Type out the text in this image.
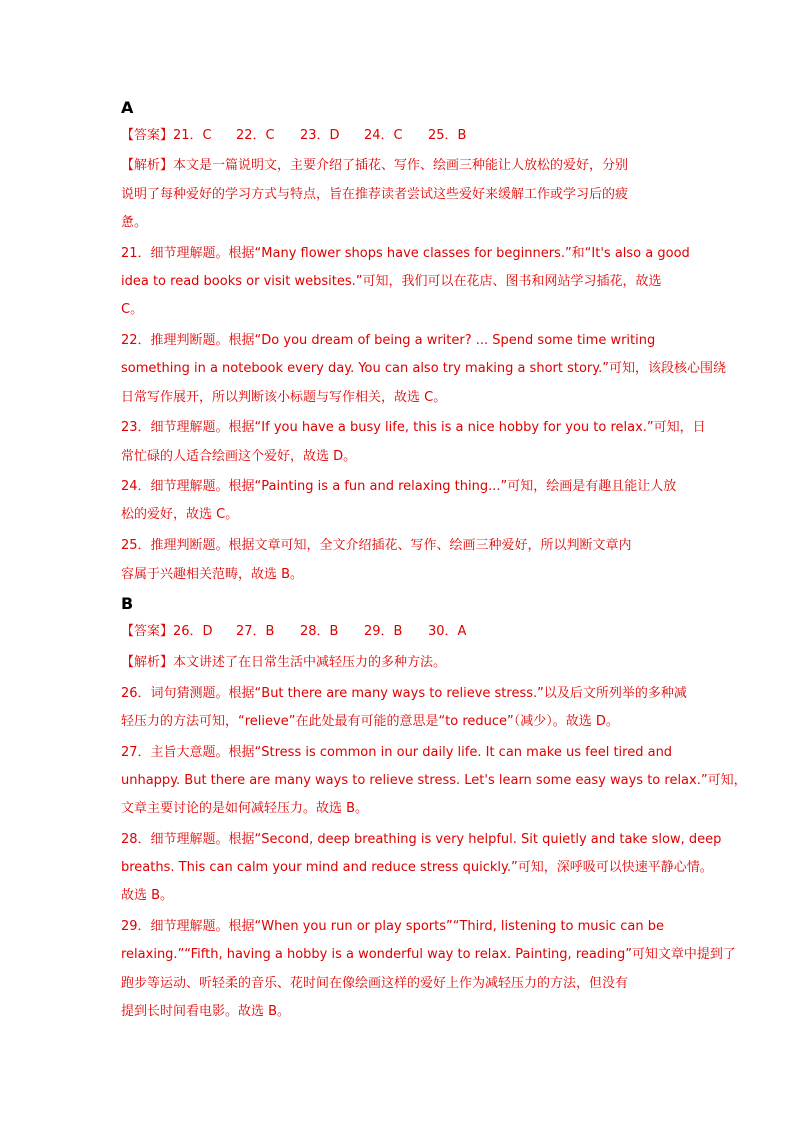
A
【答案】21．C 22．C 23．D 24．C 25．B
【解析】本文是一篇说明文，主要介绍了插花、写作、绘画三种能让人放松的爱好，分别
说明了每种爱好的学习方式与特点，旨在推荐读者尝试这些爱好来缓解工作或学习后的疲
惫。
21．细节理解题。根据“Many flower shops have classes for beginners.”和“It's also a good
idea to read books or visit websites.”可知，我们可以在花店、图书和网站学习插花，故选
C。
22．推理判断题。根据“Do you dream of being a writer? ... Spend some time writing
something in a notebook every day. You can also try making a short story.”可知，该段核心围绕
日常写作展开，所以判断该小标题与写作相关，故选 C。
23．细节理解题。根据“If you have a busy life, this is a nice hobby for you to relax.”可知，日
常忙碌的人适合绘画这个爱好，故选 D。
24．细节理解题。根据“Painting is a fun and relaxing thing...”可知，绘画是有趣且能让人放
松的爱好，故选 C。
25．推理判断题。根据文章可知，全文介绍插花、写作、绘画三种爱好，所以判断文章内
容属于兴趣相关范畴，故选 B。
B
【答案】26．D 27．B 28．B 29．B 30．A
【解析】本文讲述了在日常生活中减轻压力的多种方法。
26．词句猜测题。根据“But there are many ways to relieve stress.”以及后文所列举的多种减
轻压力的方法可知，“relieve”在此处最有可能的意思是“to reduce”（减少）。故选 D。
27．主旨大意题。根据“Stress is common in our daily life. It can make us feel tired and
unhappy. But there are many ways to relieve stress. Let's learn some easy ways to relax.”可知，
文章主要讨论的是如何减轻压力。故选 B。
28．细节理解题。根据“Second, deep breathing is very helpful. Sit quietly and take slow, deep
breaths. This can calm your mind and reduce stress quickly.”可知，深呼吸可以快速平静心情。
故选 B。
29．细节理解题。根据“When you run or play sports”“Third, listening to music can be
relaxing.”“Fifth, having a hobby is a wonderful way to relax. Painting, reading”可知文章中提到了
跑步等运动、听轻柔的音乐、花时间在像绘画这样的爱好上作为减轻压力的方法，但没有
提到长时间看电影。故选 B。
